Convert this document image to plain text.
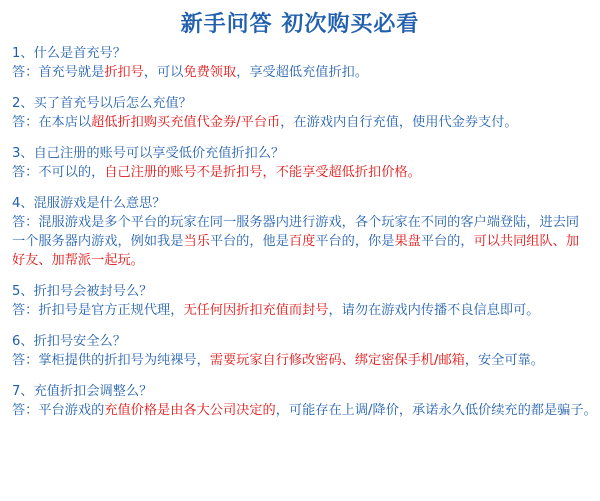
新手问答 初次购买必看
1、什么是首充号？
答：首充号就是折扣号，可以免费领取，享受超低充值折扣。
2、买了首充号以后怎么充值？
答：在本店以超低折扣购买充值代金券/平台币，在游戏内自行充值，使用代金券支付。
3、自己注册的账号可以享受低价充值折扣么？
答：不可以的，自己注册的账号不是折扣号，不能享受超低折扣价格。
4、混服游戏是什么意思？
答：混服游戏是多个平台的玩家在同一服务器内进行游戏，各个玩家在不同的客户端登陆，进去同一个服务器内游戏，例如我是当乐平台的，他是百度平台的，你是果盘平台的，可以共同组队、加好友、加帮派一起玩。
5、折扣号会被封号么？
答：折扣号是官方正规代理，无任何因折扣充值而封号，请勿在游戏内传播不良信息即可。
6、折扣号安全么？
答：掌柜提供的折扣号为纯裸号，需要玩家自行修改密码、绑定密保手机/邮箱，安全可靠。
7、充值折扣会调整么？
答：平台游戏的充值价格是由各大公司决定的，可能存在上调/降价，承诺永久低价续充的都是骗子。
